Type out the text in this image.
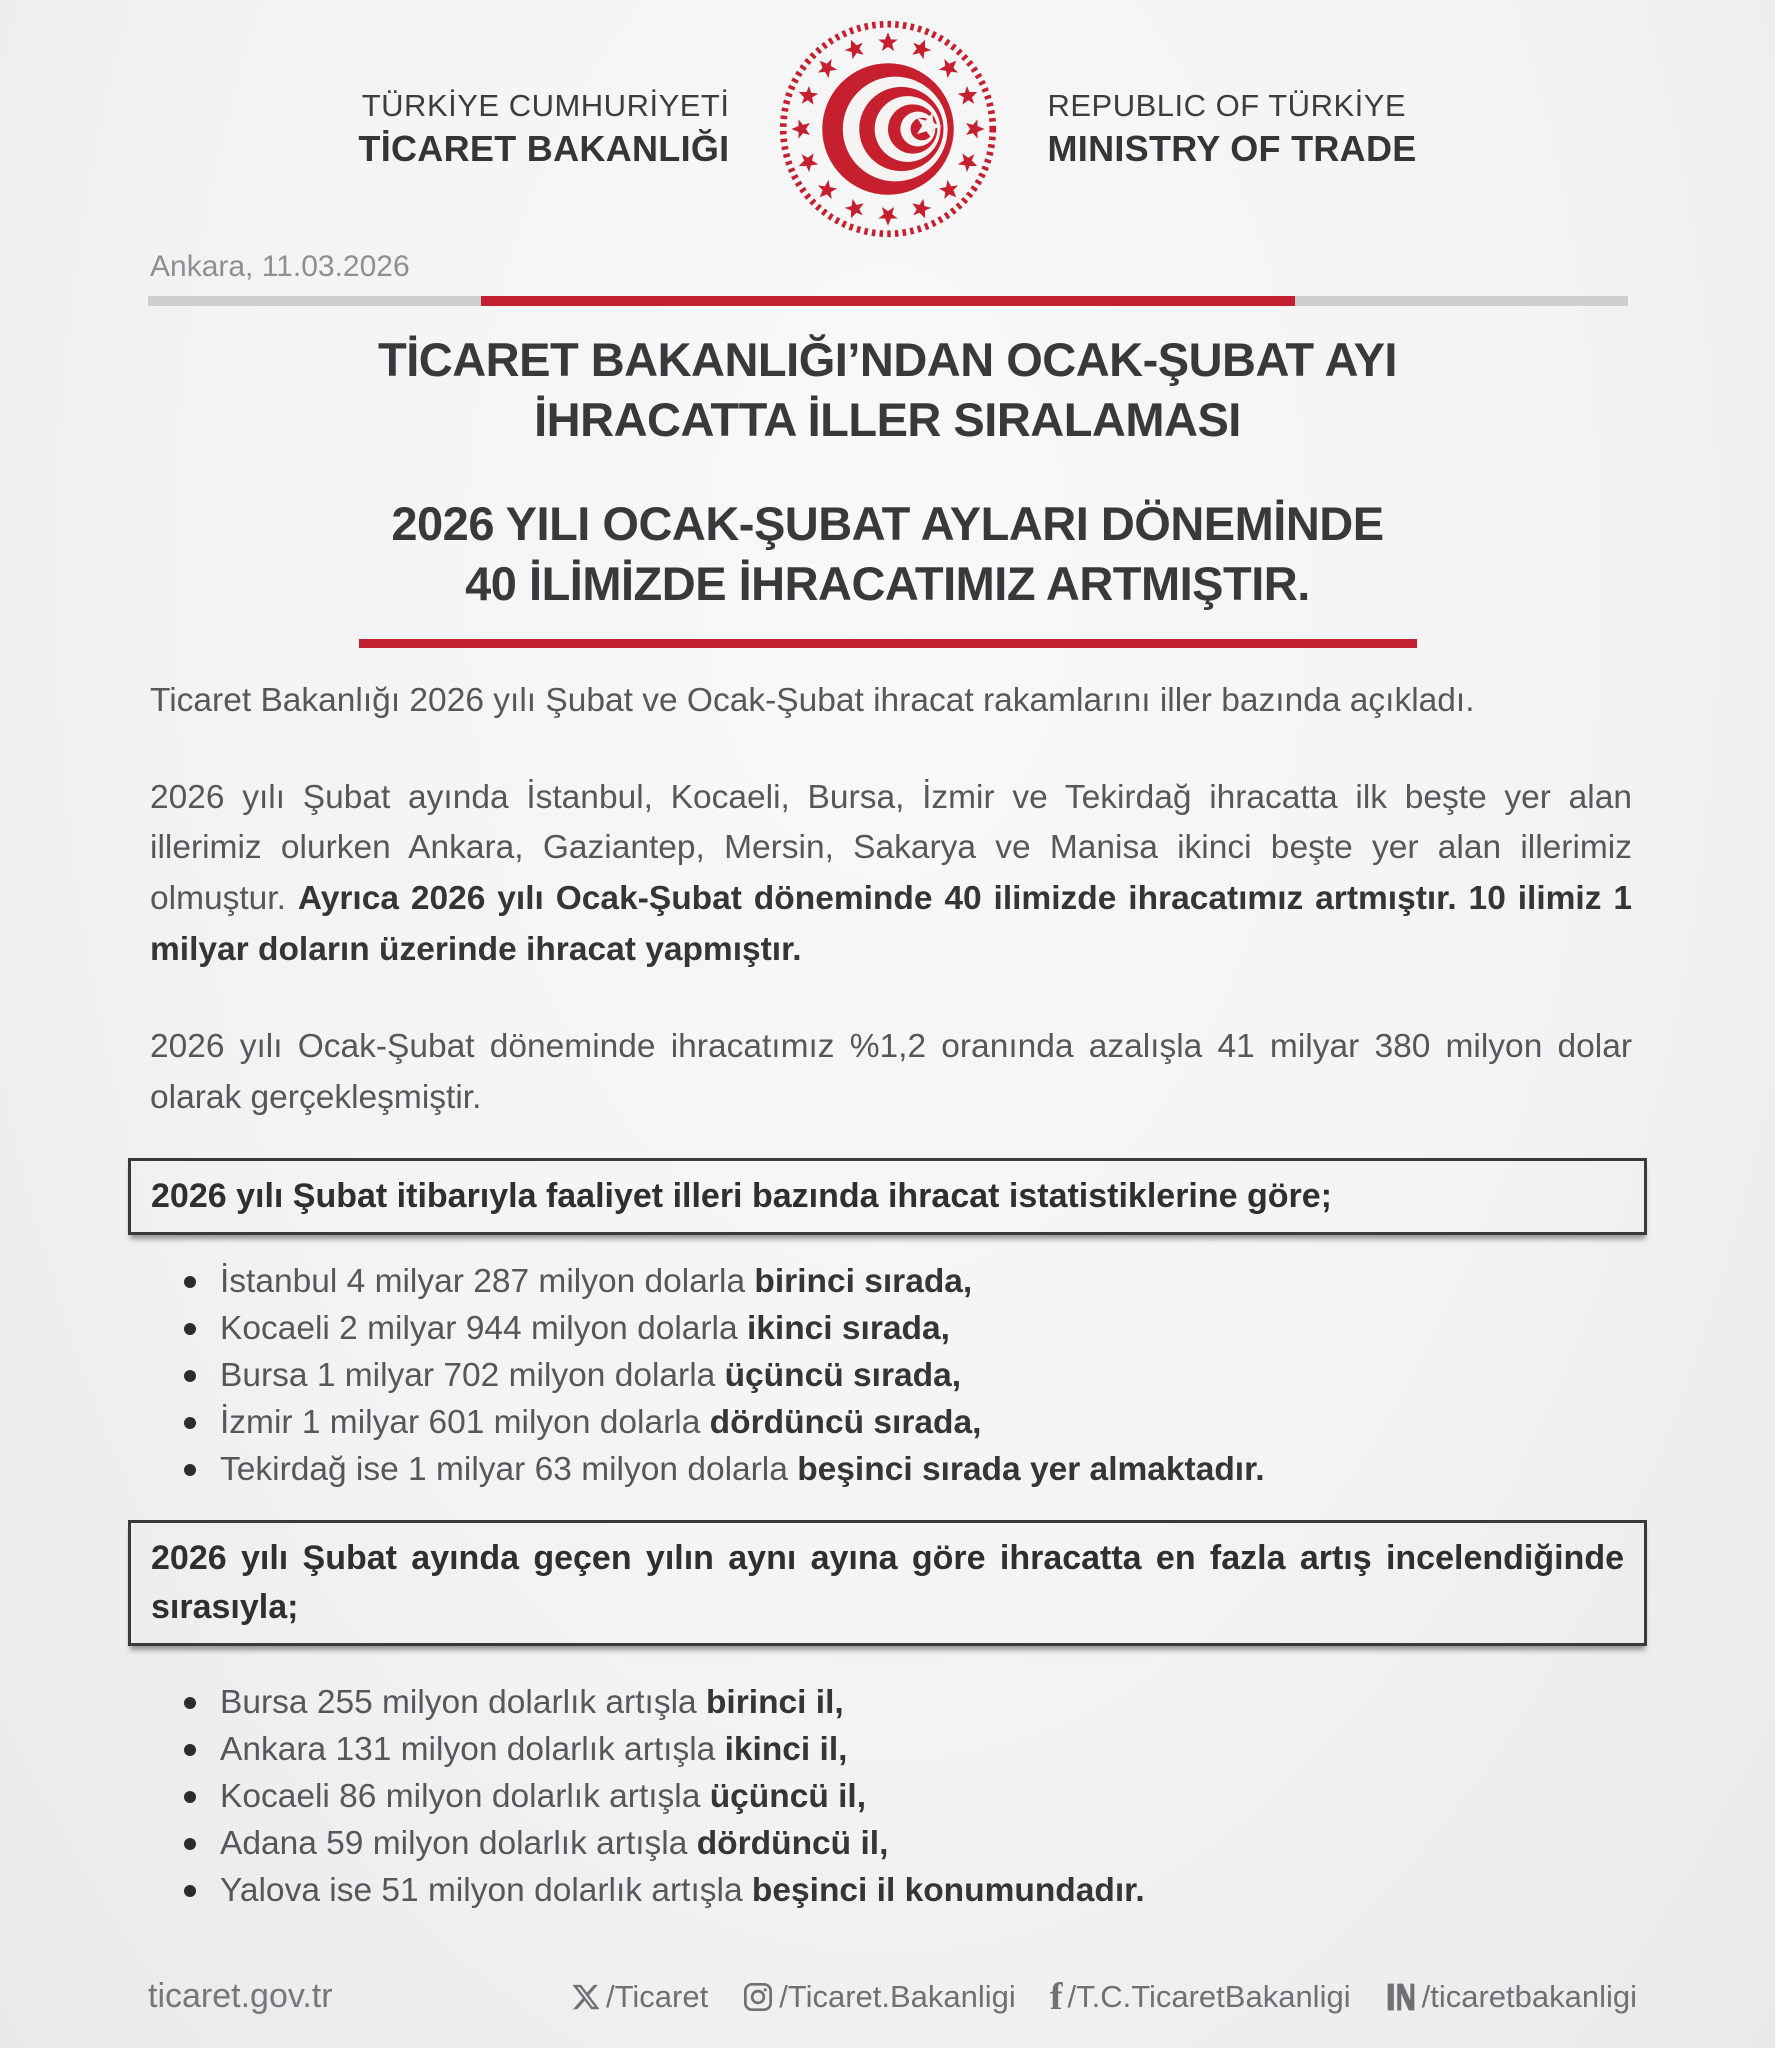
TÜRKİYE CUMHURİYETİ
TİCARET BAKANLIĞI
REPUBLIC OF TÜRKİYE
MINISTRY OF TRADE
Ankara, 11.03.2026
TİCARET BAKANLIĞI’NDAN OCAK-ŞUBAT AYI
İHRACATTA İLLER SIRALAMASI
2026 YILI OCAK-ŞUBAT AYLARI DÖNEMİNDE
40 İLİMİZDE İHRACATIMIZ ARTMIŞTIR.

Ticaret Bakanlığı 2026 yılı Şubat ve Ocak-Şubat ihracat rakamlarını iller bazında açıkladı.

2026 yılı Şubat ayında İstanbul, Kocaeli, Bursa, İzmir ve Tekirdağ ihracatta ilk beşte yer alan illerimiz olurken Ankara, Gaziantep, Mersin, Sakarya ve Manisa ikinci beşte yer alan illerimiz olmuştur. Ayrıca 2026 yılı Ocak-Şubat döneminde 40 ilimizde ihracatımız artmıştır. 10 ilimiz 1 milyar doların üzerinde ihracat yapmıştır.

2026 yılı Ocak-Şubat döneminde ihracatımız %1,2 oranında azalışla 41 milyar 380 milyon dolar olarak gerçekleşmiştir.

2026 yılı Şubat itibarıyla faaliyet illeri bazında ihracat istatistiklerine göre;
İstanbul 4 milyar 287 milyon dolarla birinci sırada,
Kocaeli 2 milyar 944 milyon dolarla ikinci sırada,
Bursa 1 milyar 702 milyon dolarla üçüncü sırada,
İzmir 1 milyar 601 milyon dolarla dördüncü sırada,
Tekirdağ ise 1 milyar 63 milyon dolarla beşinci sırada yer almaktadır.
2026 yılı Şubat ayında geçen yılın aynı ayına göre ihracatta en fazla artış incelendiğinde sırasıyla;
Bursa 255 milyon dolarlık artışla birinci il,
Ankara 131 milyon dolarlık artışla ikinci il,
Kocaeli 86 milyon dolarlık artışla üçüncü il,
Adana 59 milyon dolarlık artışla dördüncü il,
Yalova ise 51 milyon dolarlık artışla beşinci il konumundadır.
ticaret.gov.tr	/Ticaret /Ticaret.Bakanligi f /T.C.TicaretBakanligi /ticaretbakanligi
